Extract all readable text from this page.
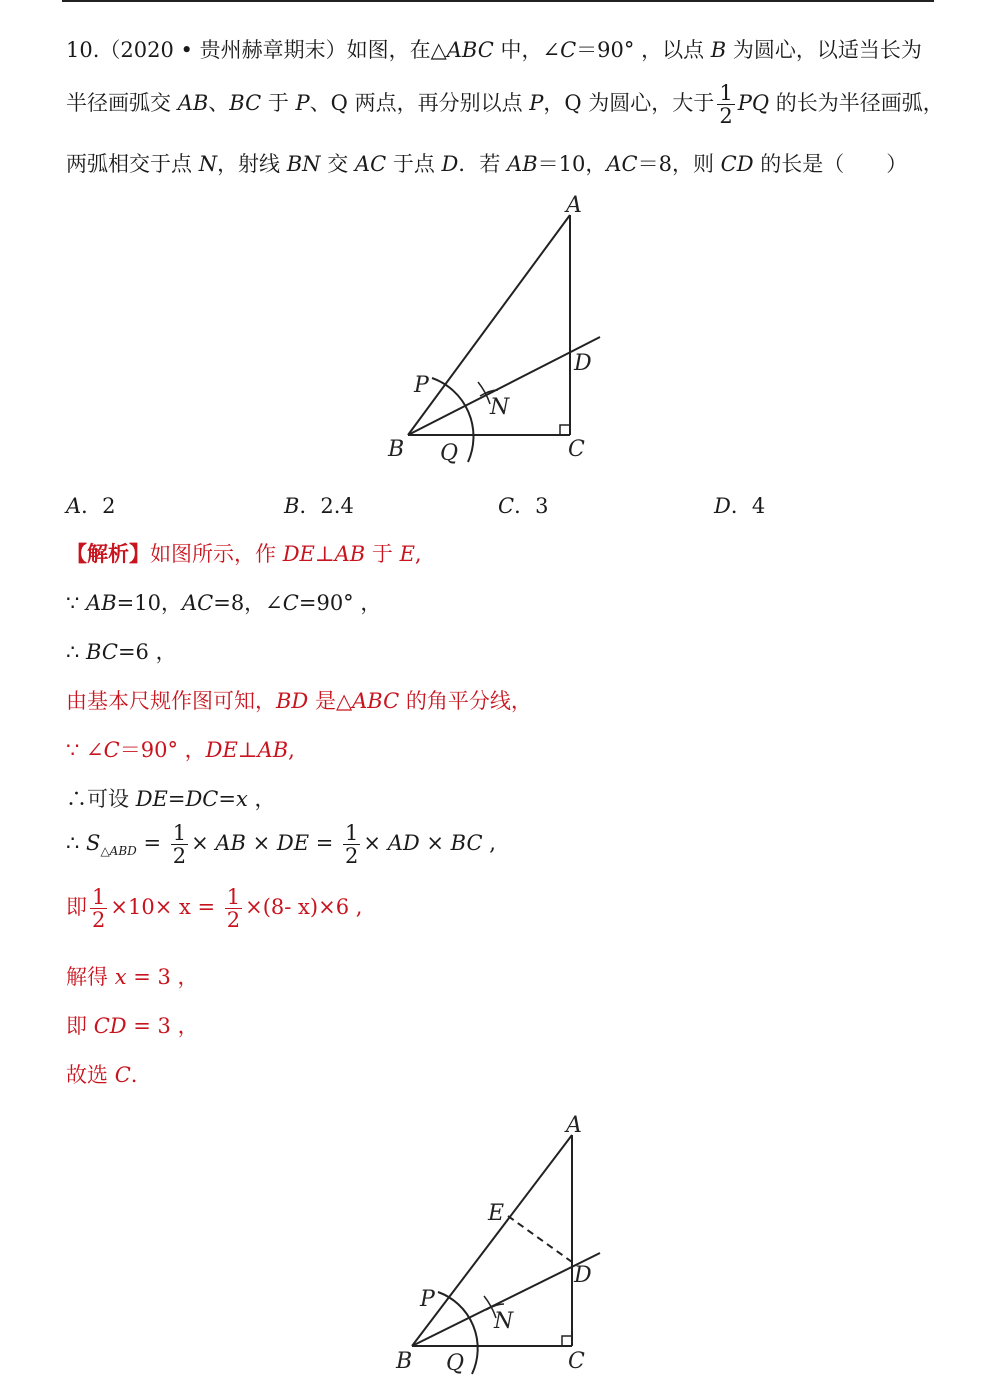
10.（2020 • 贵州赫章期末）如图，在△ABC 中，∠C＝90° ，以点 B 为圆心，以适当长为
半径画弧交 AB、BC 于 P、Q 两点，再分别以点 P，Q 为圆心，大于 $\frac{1}{2}$ PQ 的长为半径画弧，
两弧相交于点 N，射线 BN 交 AC 于点 D．若 AB＝10，AC＝8，则 CD 的长是（　　）
A
B	C
D
P
Q
N
A．2	B．2.4	C．3	D．4
【解析】如图所示，作 DE⊥AB 于 E,
∵ AB=10，AC=8，∠C=90° ，
∴ BC=6 ，
由基本尺规作图可知，BD 是△ABC 的角平分线，
∵ ∠C＝90° ，DE⊥AB,
∴可设 DE=DC=x ，
∴ $S_{\triangle ABD} = \frac{1}{2}$ × AB × DE = $\frac{1}{2}$ × AD × BC ,
即 $\frac{1}{2} \times 10\times x = \frac{1}{2} \times(8-$ x)×6 ,
解得 x = 3 ，
即 CD = 3 ，
故选 C.
A
B	C
D
E
P
Q
N
